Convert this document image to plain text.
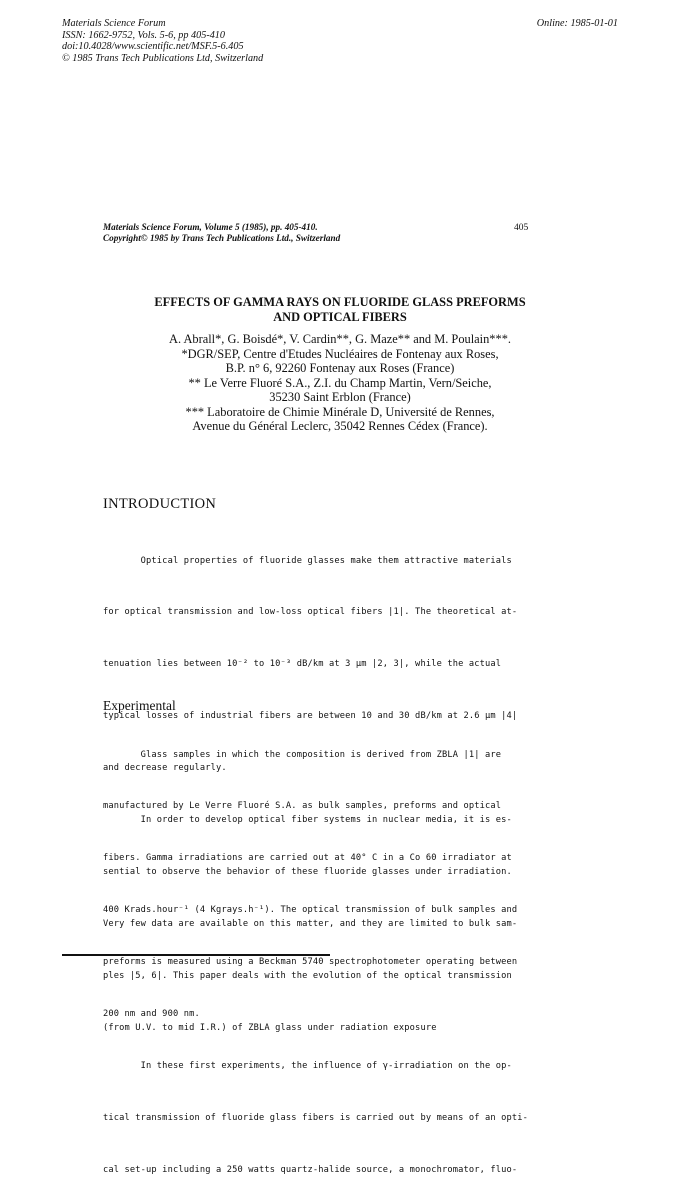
Materials Science Forum
ISSN: 1662-9752, Vols. 5-6, pp 405-410
doi:10.4028/www.scientific.net/MSF.5-6.405
© 1985 Trans Tech Publications Ltd, Switzerland
Online: 1985-01-01
Materials Science Forum, Volume 5 (1985), pp. 405-410.
Copyright© 1985 by Trans Tech Publications Ltd., Switzerland
405
EFFECTS OF GAMMA RAYS ON FLUORIDE GLASS PREFORMS
AND OPTICAL FIBERS
A. Abrall*, G. Boisdé*, V. Cardin**, G. Maze** and M. Poulain***.
*DGR/SEP, Centre d'Etudes Nucléaires de Fontenay aux Roses,
B.P. n° 6, 92260 Fontenay aux Roses (France)
** Le Verre Fluoré S.A., Z.I. du Champ Martin, Vern/Seiche,
35230 Saint Erblon (France)
*** Laboratoire de Chimie Minérale D, Université de Rennes,
Avenue du Général Leclerc, 35042 Rennes Cédex (France).
INTRODUCTION

Optical properties of fluoride glasses make them attractive materials

for optical transmission and low-loss optical fibers |1|. The theoretical at-

tenuation lies between 10⁻² to 10⁻³ dB/km at 3 μm |2, 3|, while the actual

typical losses of industrial fibers are between 10 and 30 dB/km at 2.6 μm |4|

and decrease regularly.

In order to develop optical fiber systems in nuclear media, it is es-

sential to observe the behavior of these fluoride glasses under irradiation.

Very few data are available on this matter, and they are limited to bulk sam-

ples |5, 6|. This paper deals with the evolution of the optical transmission

(from U.V. to mid I.R.) of ZBLA glass under radiation exposure

Experimental

Glass samples in which the composition is derived from ZBLA |1| are

manufactured by Le Verre Fluoré S.A. as bulk samples, preforms and optical

fibers. Gamma irradiations are carried out at 40° C in a Co 60 irradiator at

400 Krads.hour⁻¹ (4 Kgrays.h⁻¹). The optical transmission of bulk samples and

preforms is measured using a Beckman 5740 spectrophotometer operating between

200 nm and 900 nm.

In these first experiments, the influence of γ-irradiation on the op-

tical transmission of fluoride glass fibers is carried out by means of an opti-

cal set-up including a 250 watts quartz-halide source, a monochromator, fluo-
